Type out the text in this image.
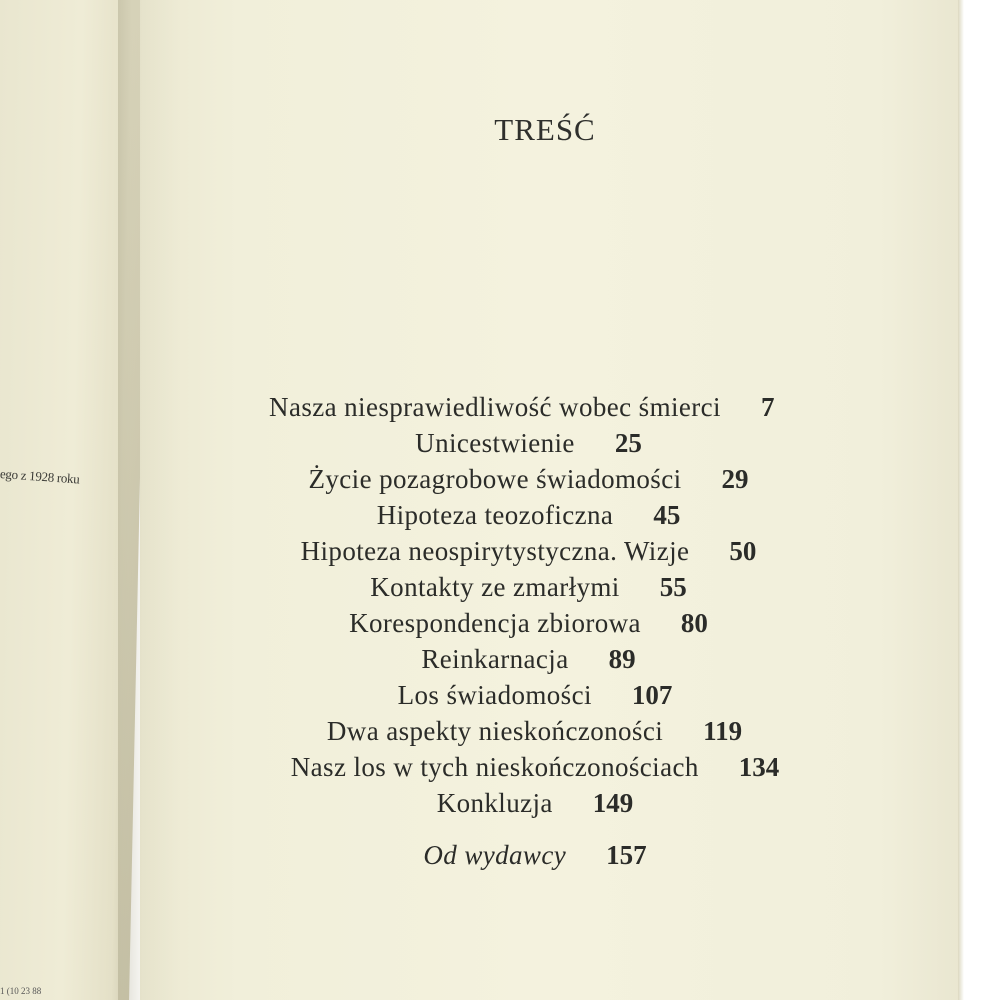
ego z 1928 roku
1 (10 23 88
TREŚĆ
Nasza niesprawiedliwość wobec śmierci 7
Unicestwienie 25
Życie pozagrobowe świadomości 29
Hipoteza teozoficzna 45
Hipoteza neospirytystyczna. Wizje 50
Kontakty ze zmarłymi 55
Korespondencja zbiorowa 80
Reinkarnacja 89
Los świadomości 107
Dwa aspekty nieskończoności 119
Nasz los w tych nieskończonościach 134
Konkluzja 149
Od wydawcy 157
